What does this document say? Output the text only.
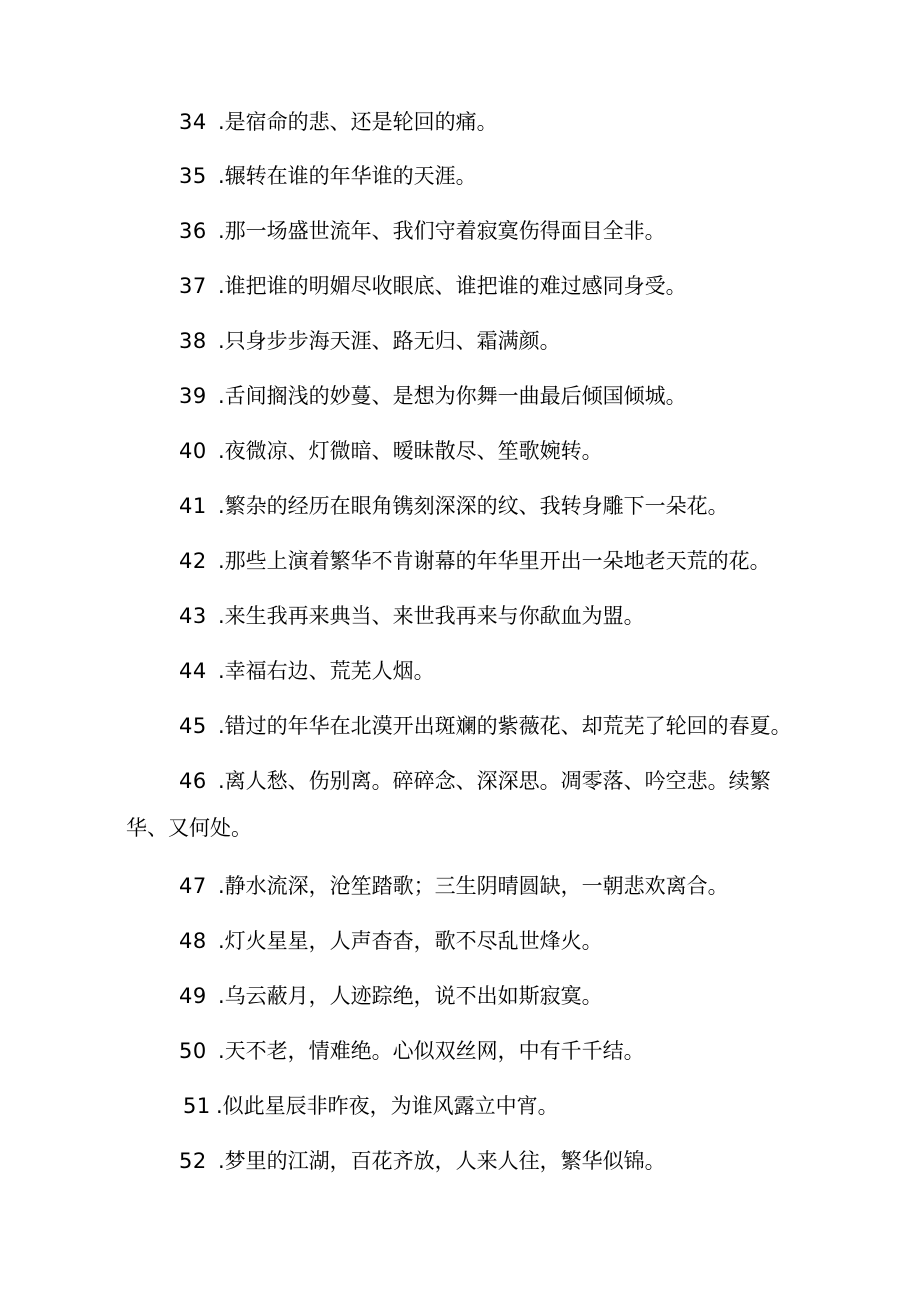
34 .是宿命的悲、还是轮回的痛。
35 .辗转在谁的年华谁的天涯。
36 .那一场盛世流年、我们守着寂寞伤得面目全非。
37 .谁把谁的明媚尽收眼底、谁把谁的难过感同身受。
38 .只身步步海天涯、路无归、霜满颜。
39 .舌间搁浅的妙蔓、是想为你舞一曲最后倾国倾城。
40 .夜微凉、灯微暗、暧昧散尽、笙歌婉转。
41 .繁杂的经历在眼角镌刻深深的纹、我转身雕下一朵花。
42 .那些上演着繁华不肯谢幕的年华里开出一朵地老天荒的花。
43 .来生我再来典当、来世我再来与你歃血为盟。
44 .幸福右边、荒芜人烟。
45 .错过的年华在北漠开出斑斓的紫薇花、却荒芜了轮回的春夏。
46 .离人愁、伤别离。碎碎念、深深思。凋零落、吟空悲。续繁
华、又何处。
47 .静水流深，沧笙踏歌；三生阴晴圆缺，一朝悲欢离合。
48 .灯火星星，人声杳杳，歌不尽乱世烽火。
49 .乌云蔽月，人迹踪绝，说不出如斯寂寞。
50 .天不老，情难绝。心似双丝网，中有千千结。
51 .似此星辰非昨夜，为谁风露立中宵。
52 .梦里的江湖，百花齐放，人来人往，繁华似锦。
